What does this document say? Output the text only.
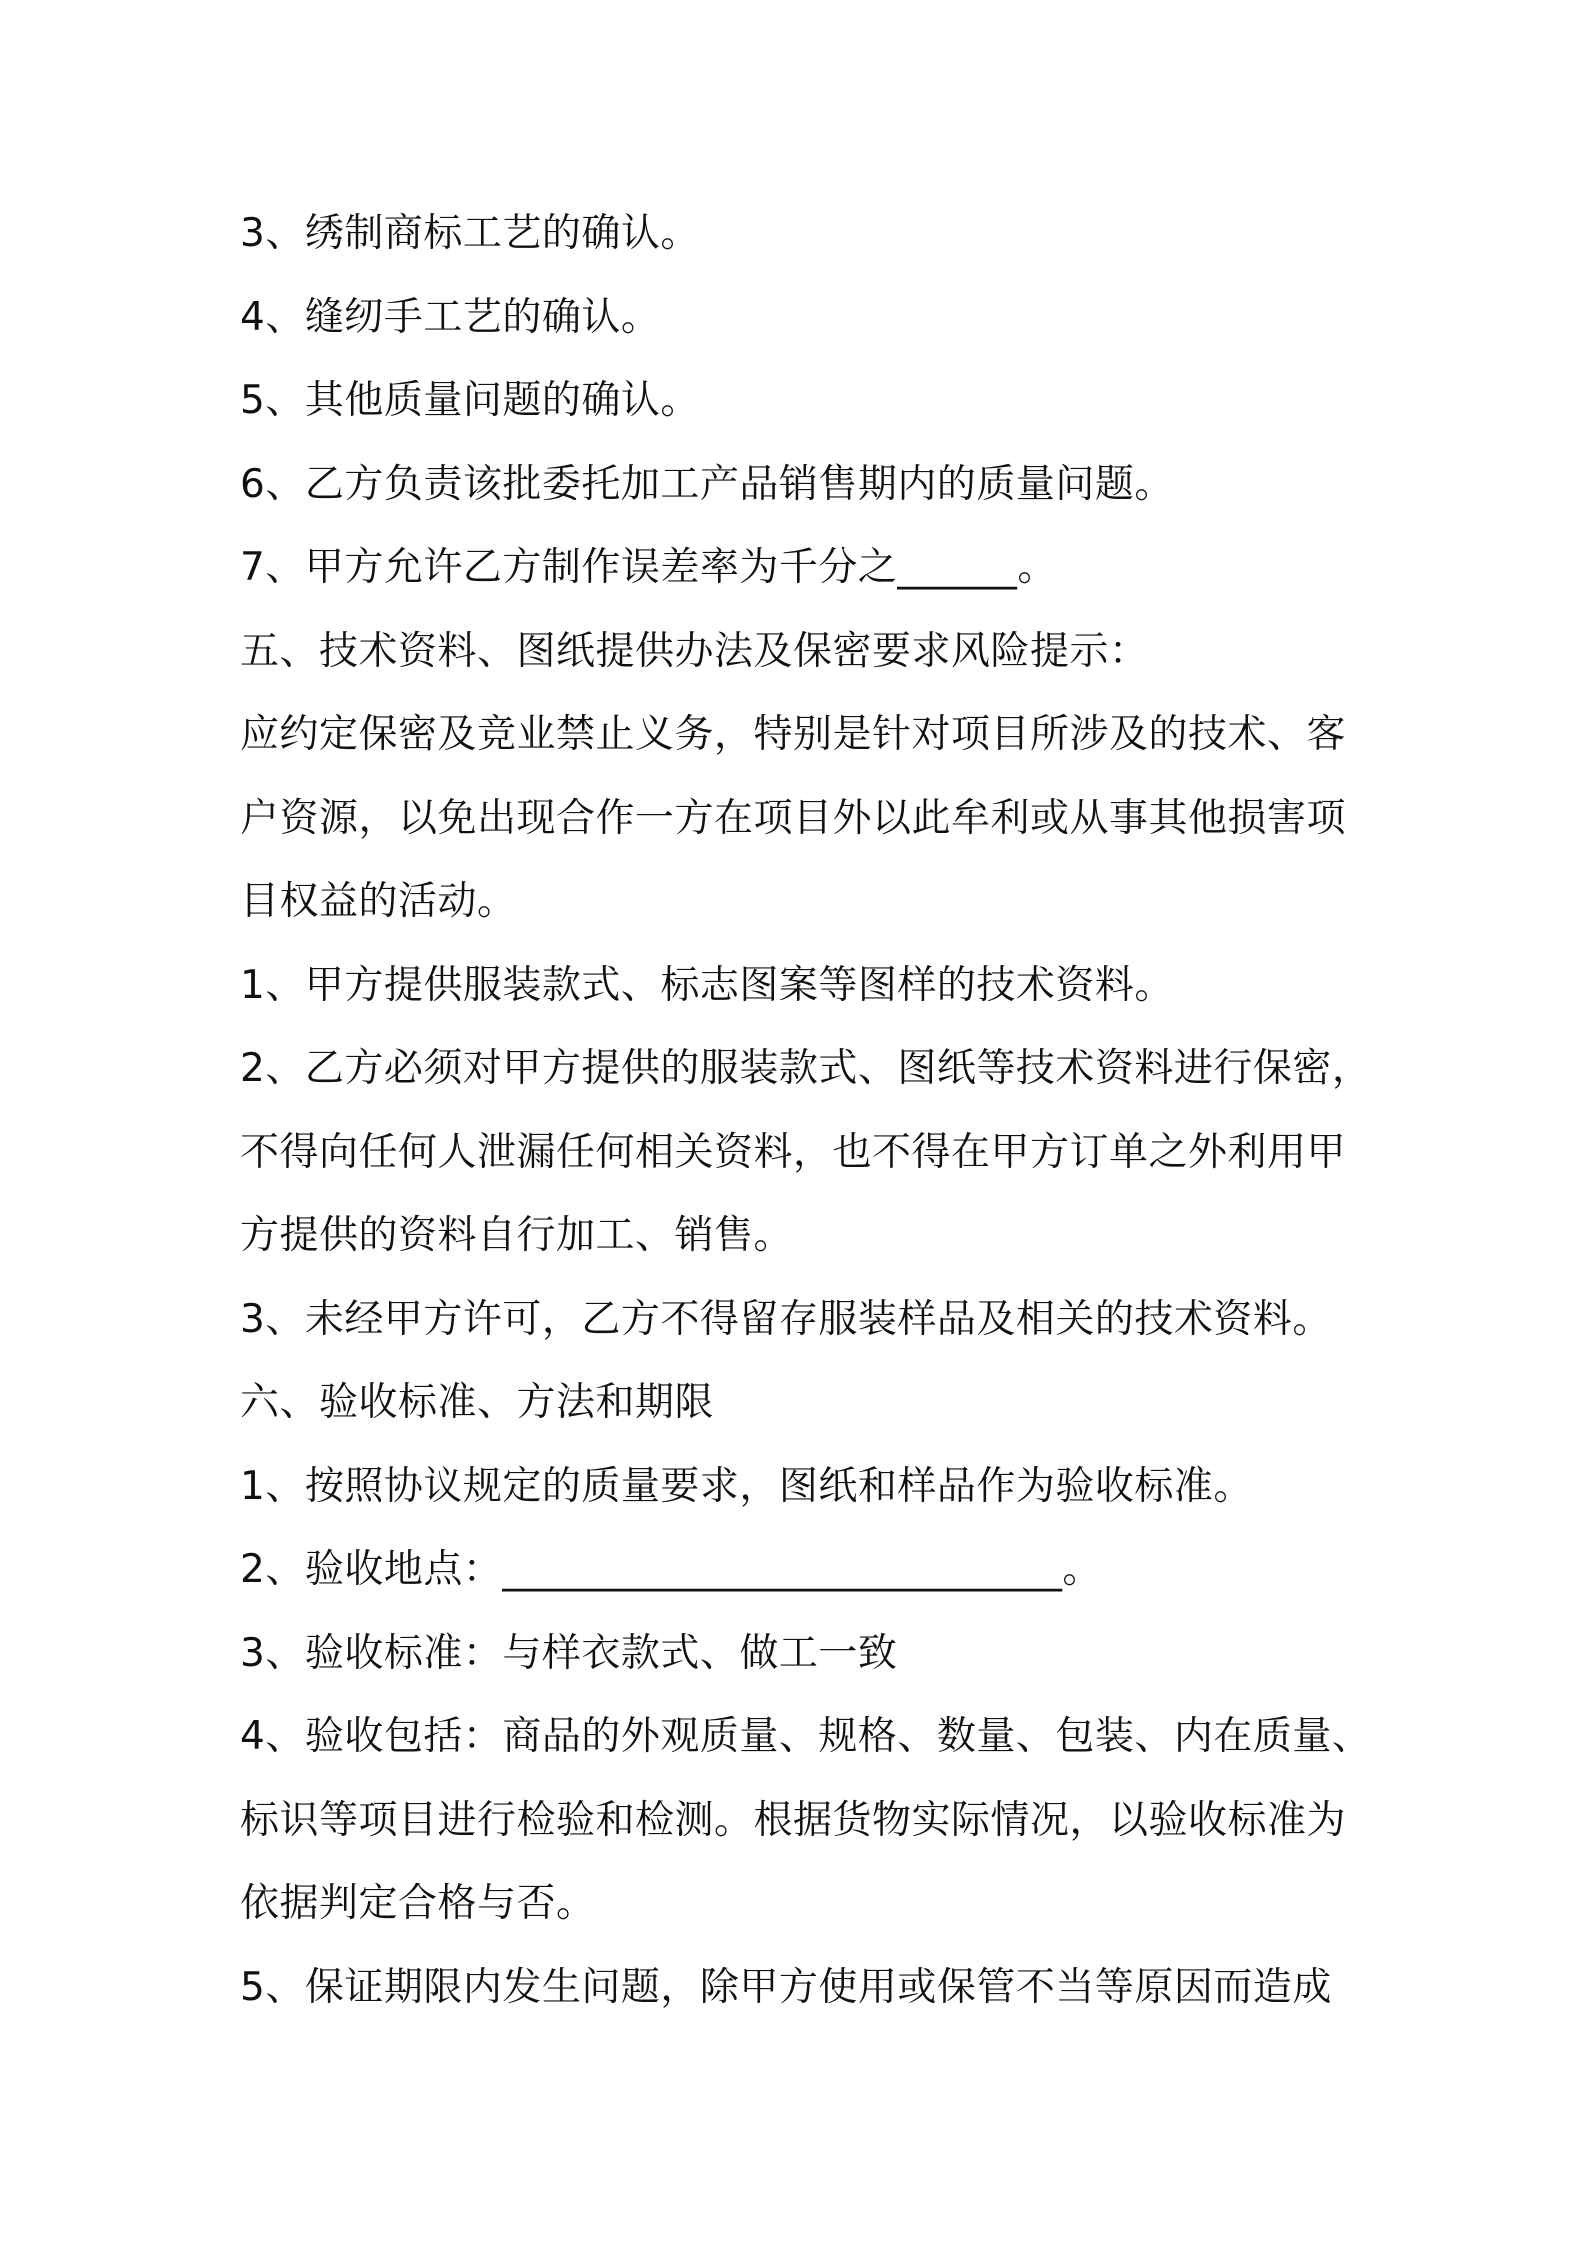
3、绣制商标工艺的确认。
4、缝纫手工艺的确认。
5、其他质量问题的确认。
6、乙方负责该批委托加工产品销售期内的质量问题。
7、甲方允许乙方制作误差率为千分之______。
五、技术资料、图纸提供办法及保密要求风险提示：
应约定保密及竞业禁止义务，特别是针对项目所涉及的技术、客
户资源，以免出现合作一方在项目外以此牟利或从事其他损害项
目权益的活动。
1、甲方提供服装款式、标志图案等图样的技术资料。
2、乙方必须对甲方提供的服装款式、图纸等技术资料进行保密，
不得向任何人泄漏任何相关资料，也不得在甲方订单之外利用甲
方提供的资料自行加工、销售。
3、未经甲方许可，乙方不得留存服装样品及相关的技术资料。
六、验收标准、方法和期限
1、按照协议规定的质量要求，图纸和样品作为验收标准。
2、验收地点：____________________________。
3、验收标准：与样衣款式、做工一致
4、验收包括：商品的外观质量、规格、数量、包装、内在质量、
标识等项目进行检验和检测。根据货物实际情况，以验收标准为
依据判定合格与否。
5、保证期限内发生问题，除甲方使用或保管不当等原因而造成
